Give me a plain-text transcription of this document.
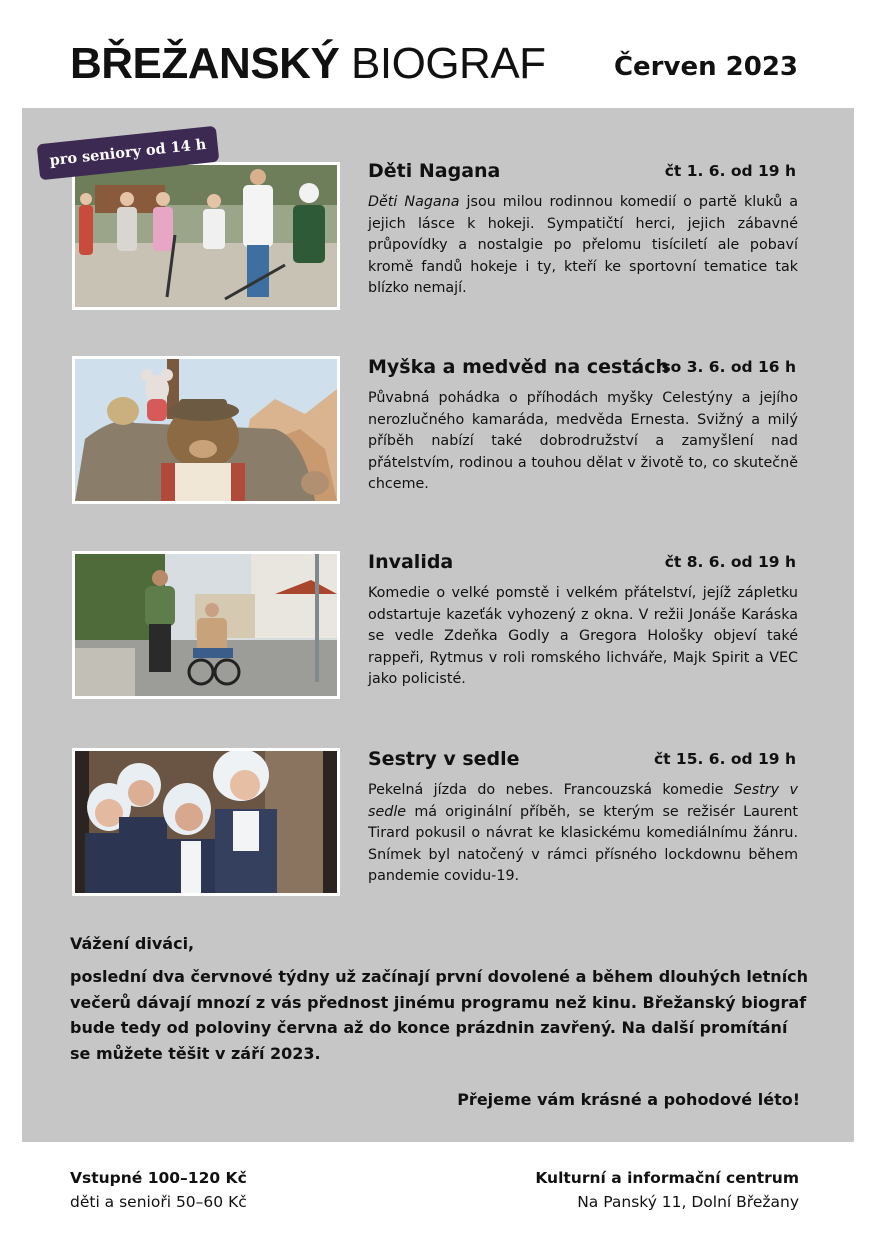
BŘEŽANSKÝ BIOGRAF	Červen 2023
pro seniory od 14 h
Děti Nagana	čt 1. 6. od 19 h
Děti Nagana jsou milou rodinnou komedií o partě kluků a jejich lásce k hokeji. Sympatičtí herci, jejich zábavné průpovídky a nostalgie po přelomu tisíciletí ale pobaví kromě fandů hokeje i ty, kteří ke sportovní tematice tak blízko nemají.
Myška a medvěd na cestách
so 3. 6. od 16 h
Půvabná pohádka o příhodách myšky Celestýny a jejího nerozlučného kamaráda, medvěda Ernesta. Svižný a milý příběh nabízí také dobrodružství a zamyšlení nad přátelstvím, rodinou a touhou dělat v životě to, co skutečně chceme.
Invalida	čt 8. 6. od 19 h
Komedie o velké pomstě i velkém přátelství, jejíž zápletku odstartuje kazeťák vyhozený z okna. V režii Jonáše Karáska se vedle Zdeňka Godly a Gregora Hološky objeví také rappeři, Rytmus v roli romského lichváře, Majk Spirit a VEC jako policisté.
Sestry v sedle	čt 15. 6. od 19 h
Pekelná jízda do nebes. Francouzská komedie Sestry v sedle má originální příběh, se kterým se režisér Laurent Tirard pokusil o návrat ke klasickému komediálnímu žánru. Snímek byl natočený v rámci přísného lockdownu během pandemie covidu-19.
Vážení diváci,
poslední dva červnové týdny už začínají první dovolené a během dlouhých letních večerů dávají mnozí z vás přednost jinému programu než kinu. Břežanský biograf bude tedy od poloviny června až do konce prázdnin zavřený. Na další promítání se můžete těšit v září 2023.
Přejeme vám krásné a pohodové léto!
Vstupné 100–120 Kč
děti a senioři 50–60 Kč
Kulturní a informační centrum
Na Panský 11, Dolní Břežany
